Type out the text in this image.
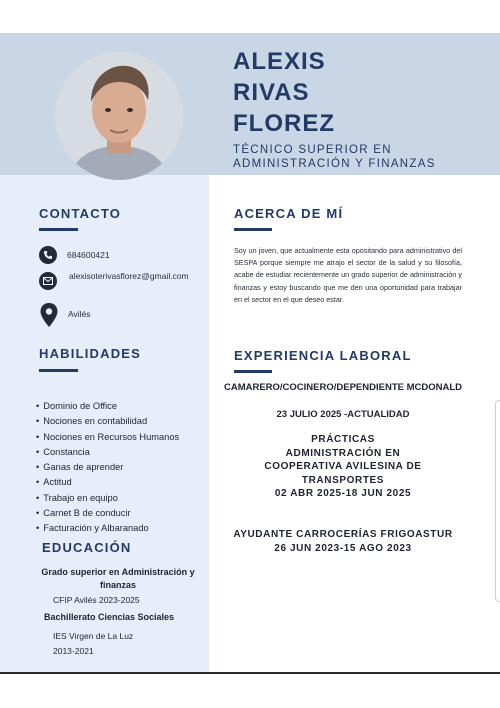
ALEXIS
RIVAS
FLOREZ
TÉCNICO SUPERIOR EN
ADMINISTRACIÓN Y FINANZAS
CONTACTO
684600421
alexisoterivasflorez@gmail.com
Avilés
HABILIDADES
• Dominio de Office
• Nociones en contabilidad
• Nociones en Recursos Humanos
• Constancia
• Ganas de aprender
• Actitud
• Trabajo en equipo
• Carnet B de conducir
• Facturación y Albaranado
EDUCACIÓN
Grado superior en Administración y
finanzas
CFIP Avilés 2023-2025
Bachillerato Ciencias Sociales
IES Virgen de La Luz
2013-2021
ACERCA DE MÍ
Soy un joven, que actualmente esta opositando para administrativo del SESPA porque siempre me atrajo el sector de la salud y su filosofía, acabe de estudiar recientemente un grado superior de administración y finanzas y estoy buscando que me den una oportunidad para trabajar en el sector en el que deseo estar.
EXPERIENCIA LABORAL
CAMARERO/COCINERO/DEPENDIENTE MCDONALD
23 JULIO 2025 -ACTUALIDAD
PRÁCTICAS
ADMINISTRACIÓN EN
COOPERATIVA AVILESINA DE
TRANSPORTES
02 ABR 2025-18 JUN 2025
AYUDANTE CARROCERÍAS FRIGOASTUR
26 JUN 2023-15 AGO 2023
